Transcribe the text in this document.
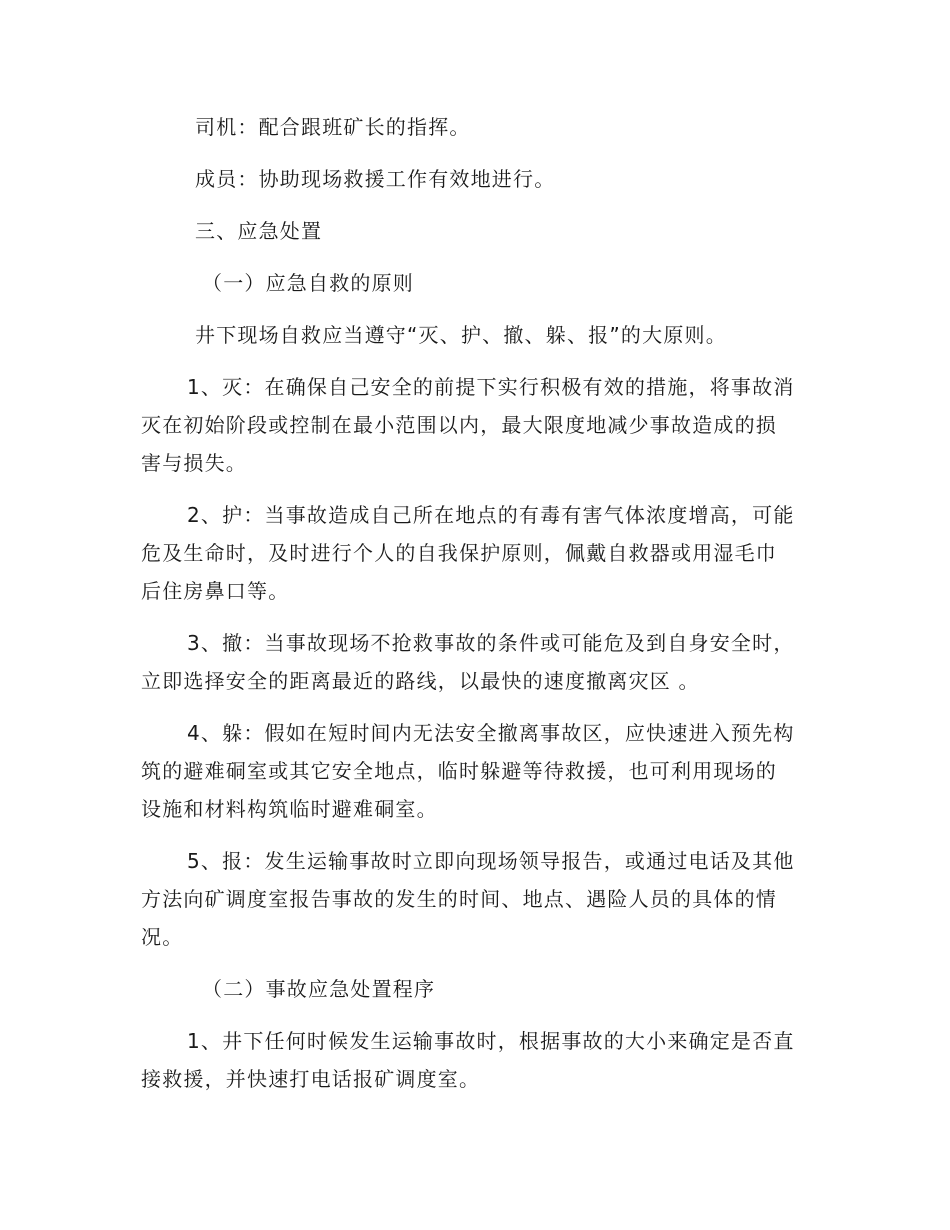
司机：配合跟班矿长的指挥。
成员：协助现场救援工作有效地进行。
三、应急处置
（一）应急自救的原则
井下现场自救应当遵守“灭、护、撤、躲、报”的大原则。
1、灭：在确保自己安全的前提下实行积极有效的措施，将事故消
灭在初始阶段或控制在最小范围以内，最大限度地减少事故造成的损
害与损失。
2、护：当事故造成自己所在地点的有毒有害气体浓度增高，可能
危及生命时，及时进行个人的自我保护原则，佩戴自救器或用湿毛巾
后住房鼻口等。
3、撤：当事故现场不抢救事故的条件或可能危及到自身安全时，
立即选择安全的距离最近的路线，以最快的速度撤离灾区 。
4、躲：假如在短时间内无法安全撤离事故区，应快速进入预先构
筑的避难硐室或其它安全地点，临时躲避等待救援，也可利用现场的
设施和材料构筑临时避难硐室。
5、报：发生运输事故时立即向现场领导报告，或通过电话及其他
方法向矿调度室报告事故的发生的时间、地点、遇险人员的具体的情
况。
（二）事故应急处置程序
1、井下任何时候发生运输事故时，根据事故的大小来确定是否直
接救援，并快速打电话报矿调度室。
